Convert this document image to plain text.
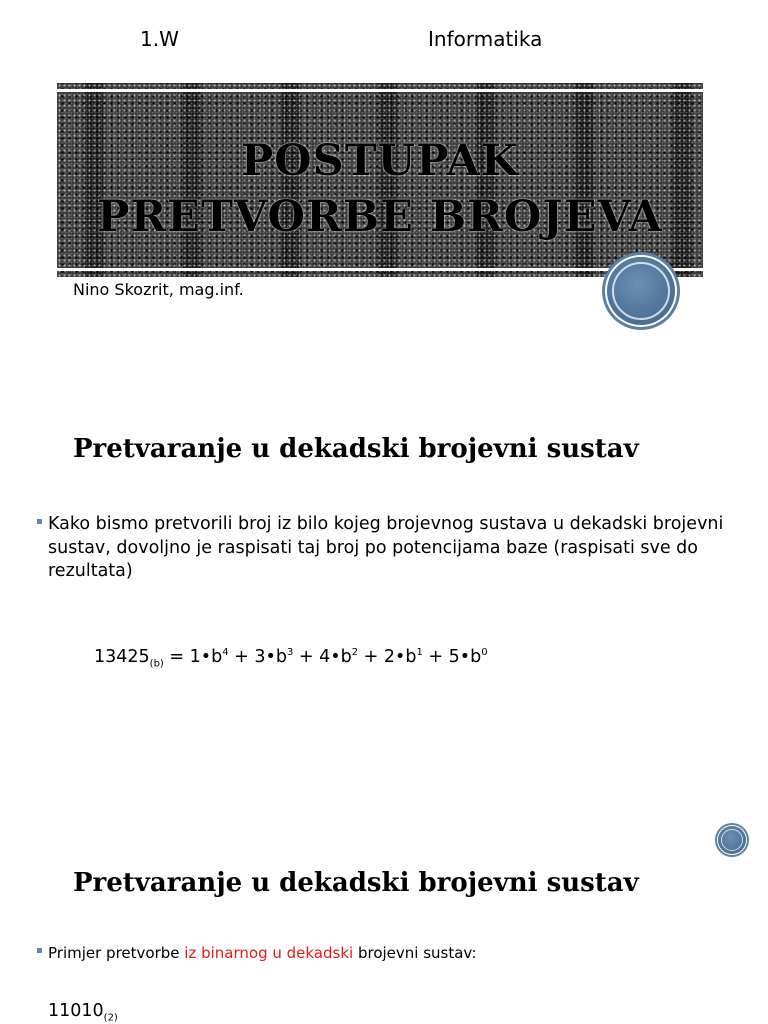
1.W	Informatika
POSTUPAK
PRETVORBE BROJEVA
Nino Skozrit, mag.inf.
Pretvaranje u dekadski brojevni sustav
Kako bismo pretvorili broj iz bilo kojeg brojevnog sustava u dekadski brojevni sustav, dovoljno je raspisati taj broj po potencijama baze (raspisati sve do rezultata)
$13425_{(b)}$ = $1•b^4$ + $3•b^3$ + $4•b^2$ + $2•b^1$ + $5•b^0$
Pretvaranje u dekadski brojevni sustav
Primjer pretvorbe iz binarnog u dekadski brojevni sustav:
$11010_{(2)}$
